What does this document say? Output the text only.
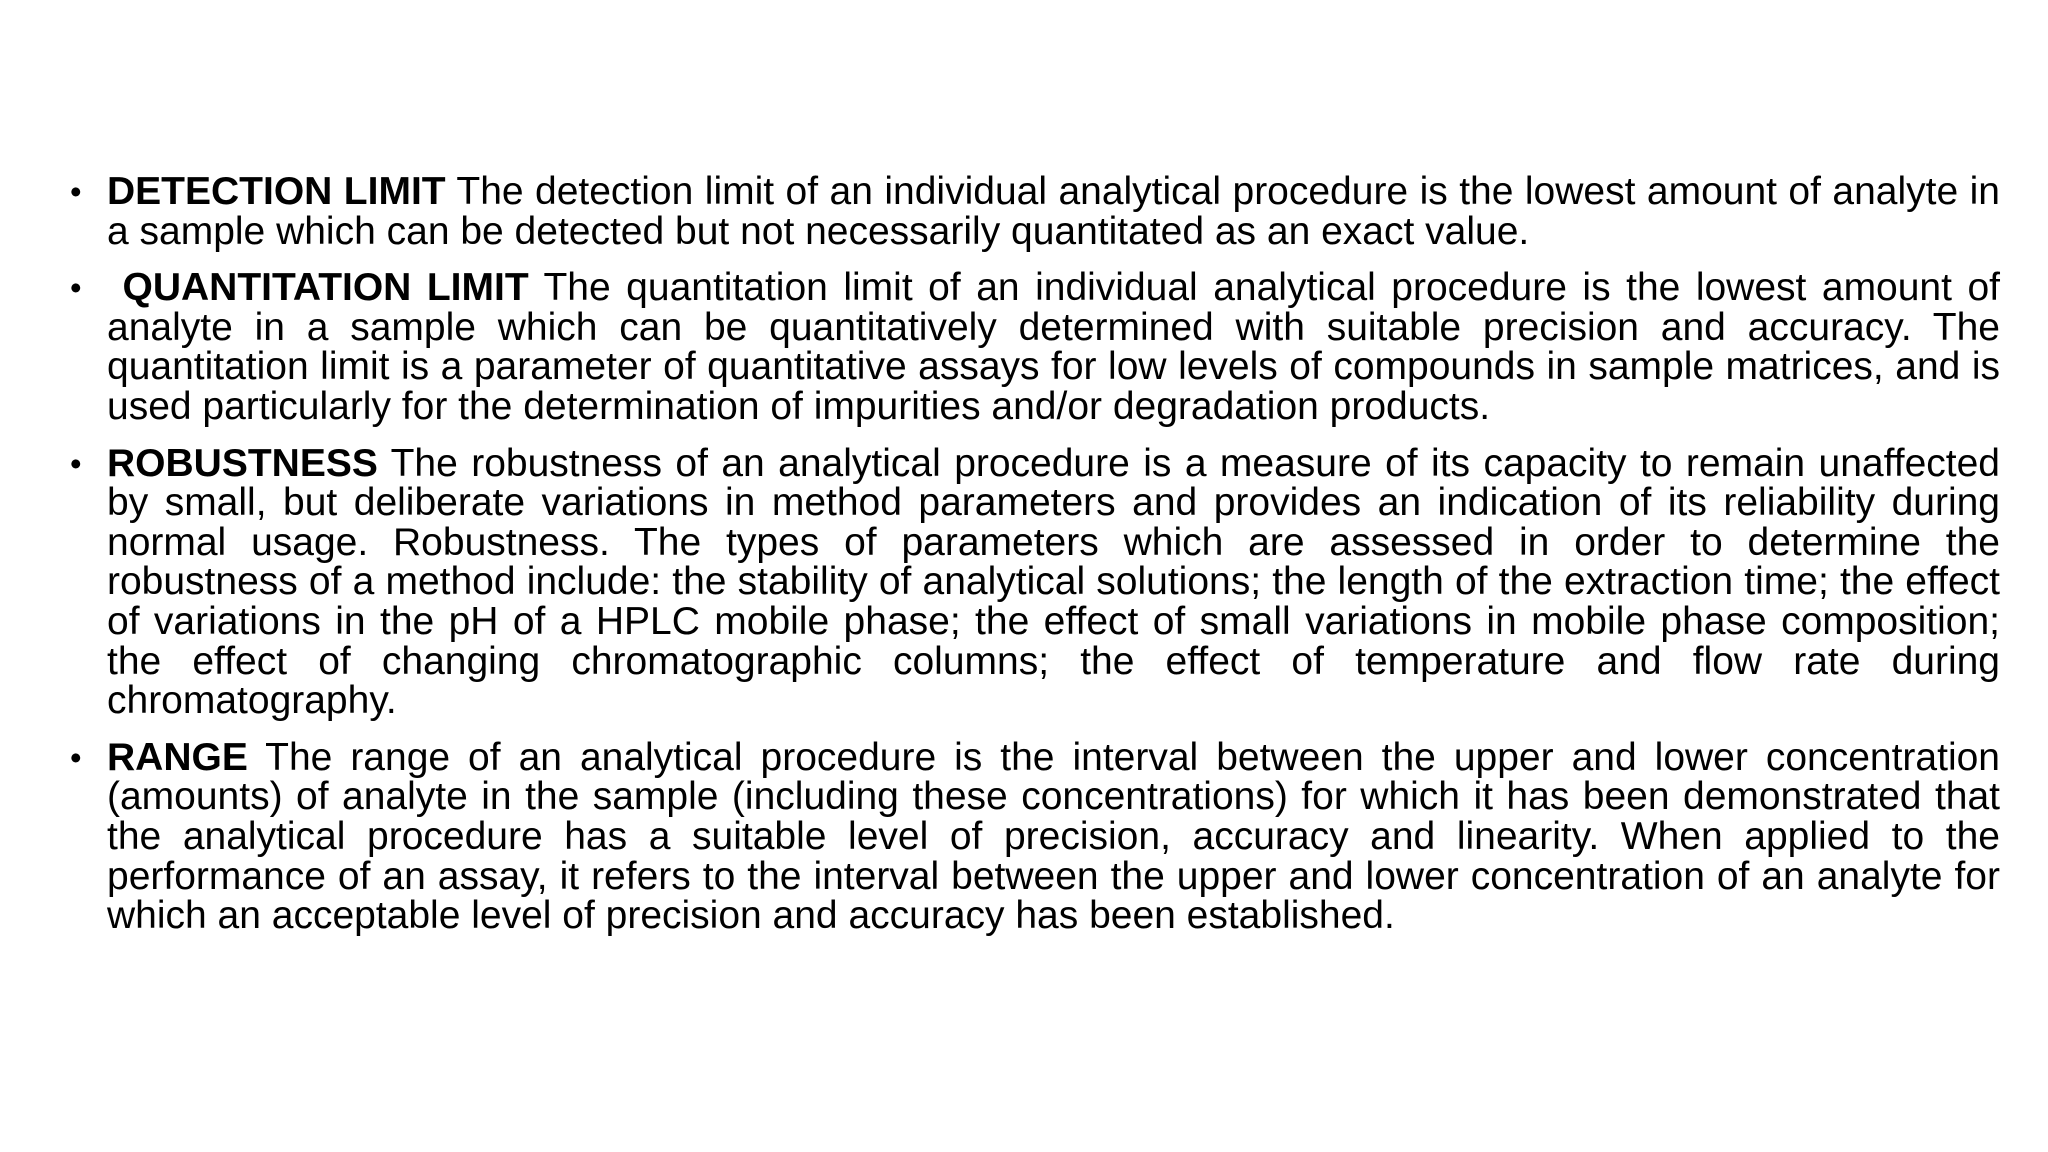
• DETECTION LIMIT The detection limit of an individual analytical procedure is the lowest amount of analyte in a sample which can be detected but not necessarily quantitated as an exact value.
• QUANTITATION LIMIT The quantitation limit of an individual analytical procedure is the lowest amount of analyte in a sample which can be quantitatively determined with suitable precision and accuracy. The quantitation limit is a parameter of quantitative assays for low levels of compounds in sample matrices, and is used particularly for the determination of impurities and/or degradation products.
• ROBUSTNESS The robustness of an analytical procedure is a measure of its capacity to remain unaffected by small, but deliberate variations in method parameters and provides an indication of its reliability during normal usage. Robustness. The types of parameters which are assessed in order to determine the robustness of a method include: the stability of analytical solutions; the length of the extraction time; the effect of variations in the pH of a HPLC mobile phase; the effect of small variations in mobile phase composition; the effect of changing chromatographic columns; the effect of temperature and flow rate during chromatography.
• RANGE The range of an analytical procedure is the interval between the upper and lower concentration (amounts) of analyte in the sample (including these concentrations) for which it has been demonstrated that the analytical procedure has a suitable level of precision, accuracy and linearity. When applied to the performance of an assay, it refers to the interval between the upper and lower concentration of an analyte for which an acceptable level of precision and accuracy has been established.
